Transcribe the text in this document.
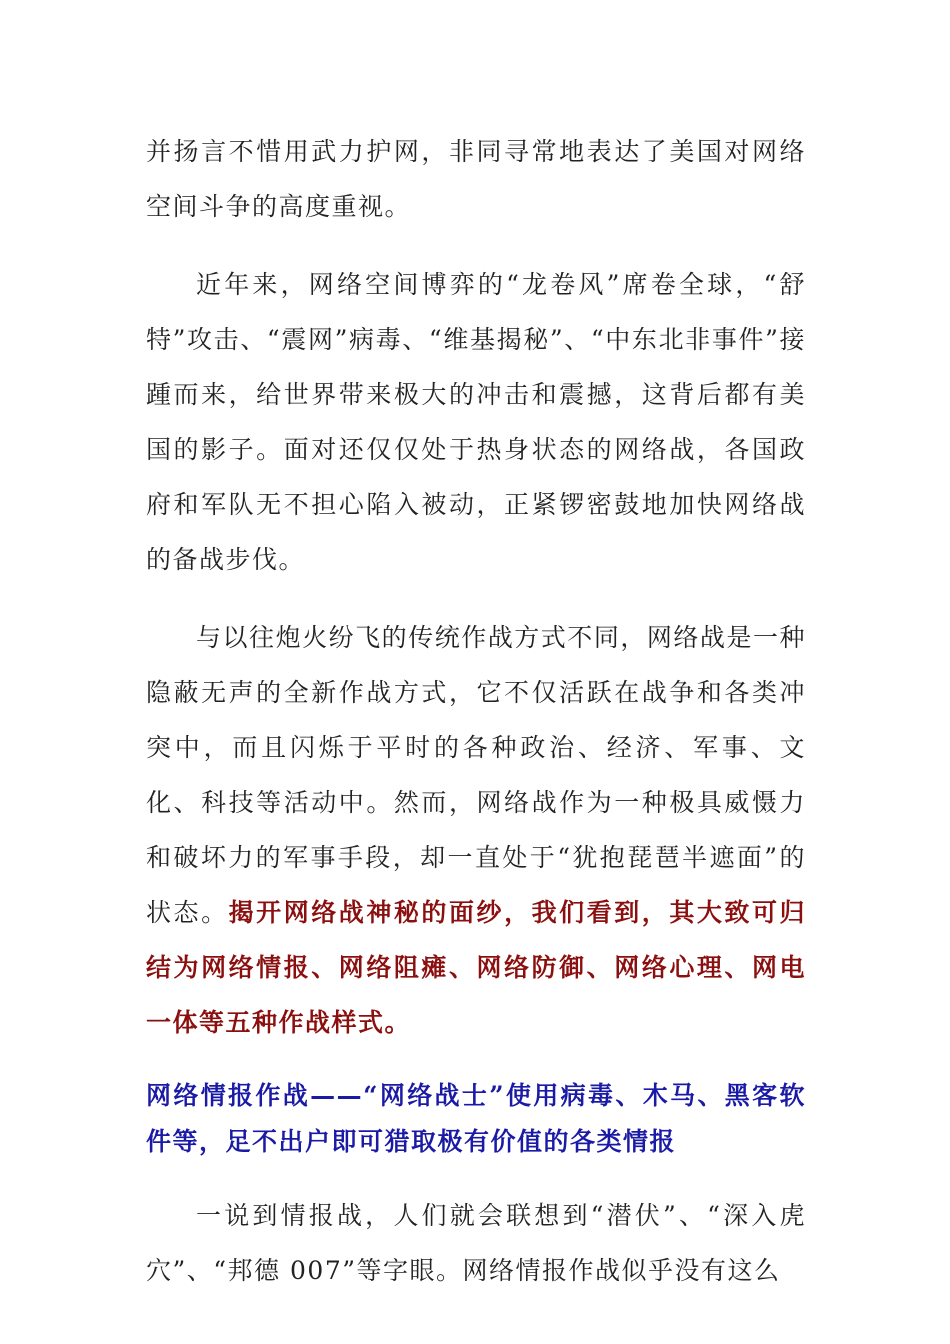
并扬言不惜用武力护网，非同寻常地表达了美国对网络空间斗争的高度重视。

近年来，网络空间博弈的“龙卷风”席卷全球，“舒特”攻击、“震网”病毒、“维基揭秘”、“中东北非事件”接踵而来，给世界带来极大的冲击和震撼，这背后都有美国的影子。面对还仅仅处于热身状态的网络战，各国政府和军队无不担心陷入被动，正紧锣密鼓地加快网络战的备战步伐。

与以往炮火纷飞的传统作战方式不同，网络战是一种隐蔽无声的全新作战方式，它不仅活跃在战争和各类冲突中，而且闪烁于平时的各种政治、经济、军事、文化、科技等活动中。然而，网络战作为一种极具威慑力和破坏力的军事手段，却一直处于“犹抱琵琶半遮面”的状态。揭开网络战神秘的面纱，我们看到，其大致可归结为网络情报、网络阻瘫、网络防御、网络心理、网电一体等五种作战样式。

网络情报作战——“网络战士”使用病毒、木马、黑客软件等，足不出户即可猎取极有价值的各类情报

一说到情报战，人们就会联想到“潜伏”、“深入虎穴”、“邦德 007”等字眼。网络情报作战似乎没有这么
